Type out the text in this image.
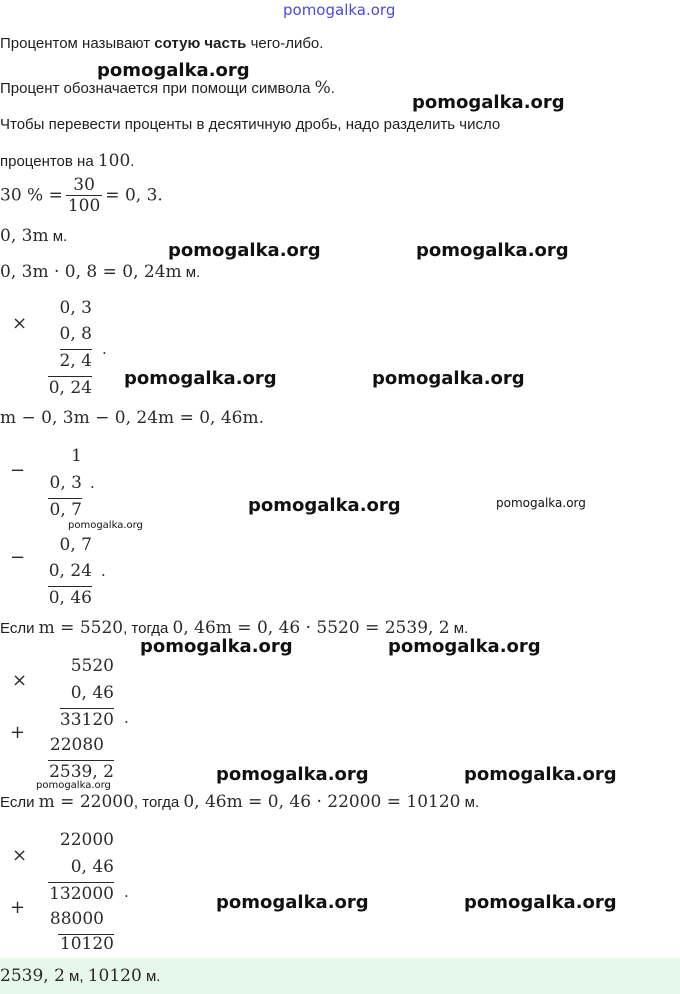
pomogalka.org
Процентом называют сотую часть чего-либо.
Процент обозначается при помощи символа %.
Чтобы перевести проценты в десятичную дробь, надо разделить число
процентов на 100.
30 % = $\frac{30}{100} = 0$, 3.
0, 3m м.
0, 3m · 0, 8 = 0, 24m м.
×
0, 3
0, 8
2, 4
0, 24
.
m − 0, 3m − 0, 24m = 0, 46m.
−
1
0, 3
0, 7
.
−
0, 7
0, 24
0, 46
.
Если m = 5520, тогда 0, 46m = 0, 46 · 5520 = 2539, 2 м.
×
5520
0, 46
33120
+
.
22080
2539, 2
Если m = 22000, тогда 0, 46m = 0, 46 · 22000 = 10120 м.
×
22000
0, 46
132000
+
.
88000
10120
2539, 2 м, 10120 м.
pomogalka.org
pomogalka.org
pomogalka.org	pomogalka.org
pomogalka.org	pomogalka.org
pomogalka.org	pomogalka.org
pomogalka.org
pomogalka.org	pomogalka.org
pomogalka.org	pomogalka.org
pomogalka.org
pomogalka.org	pomogalka.org
